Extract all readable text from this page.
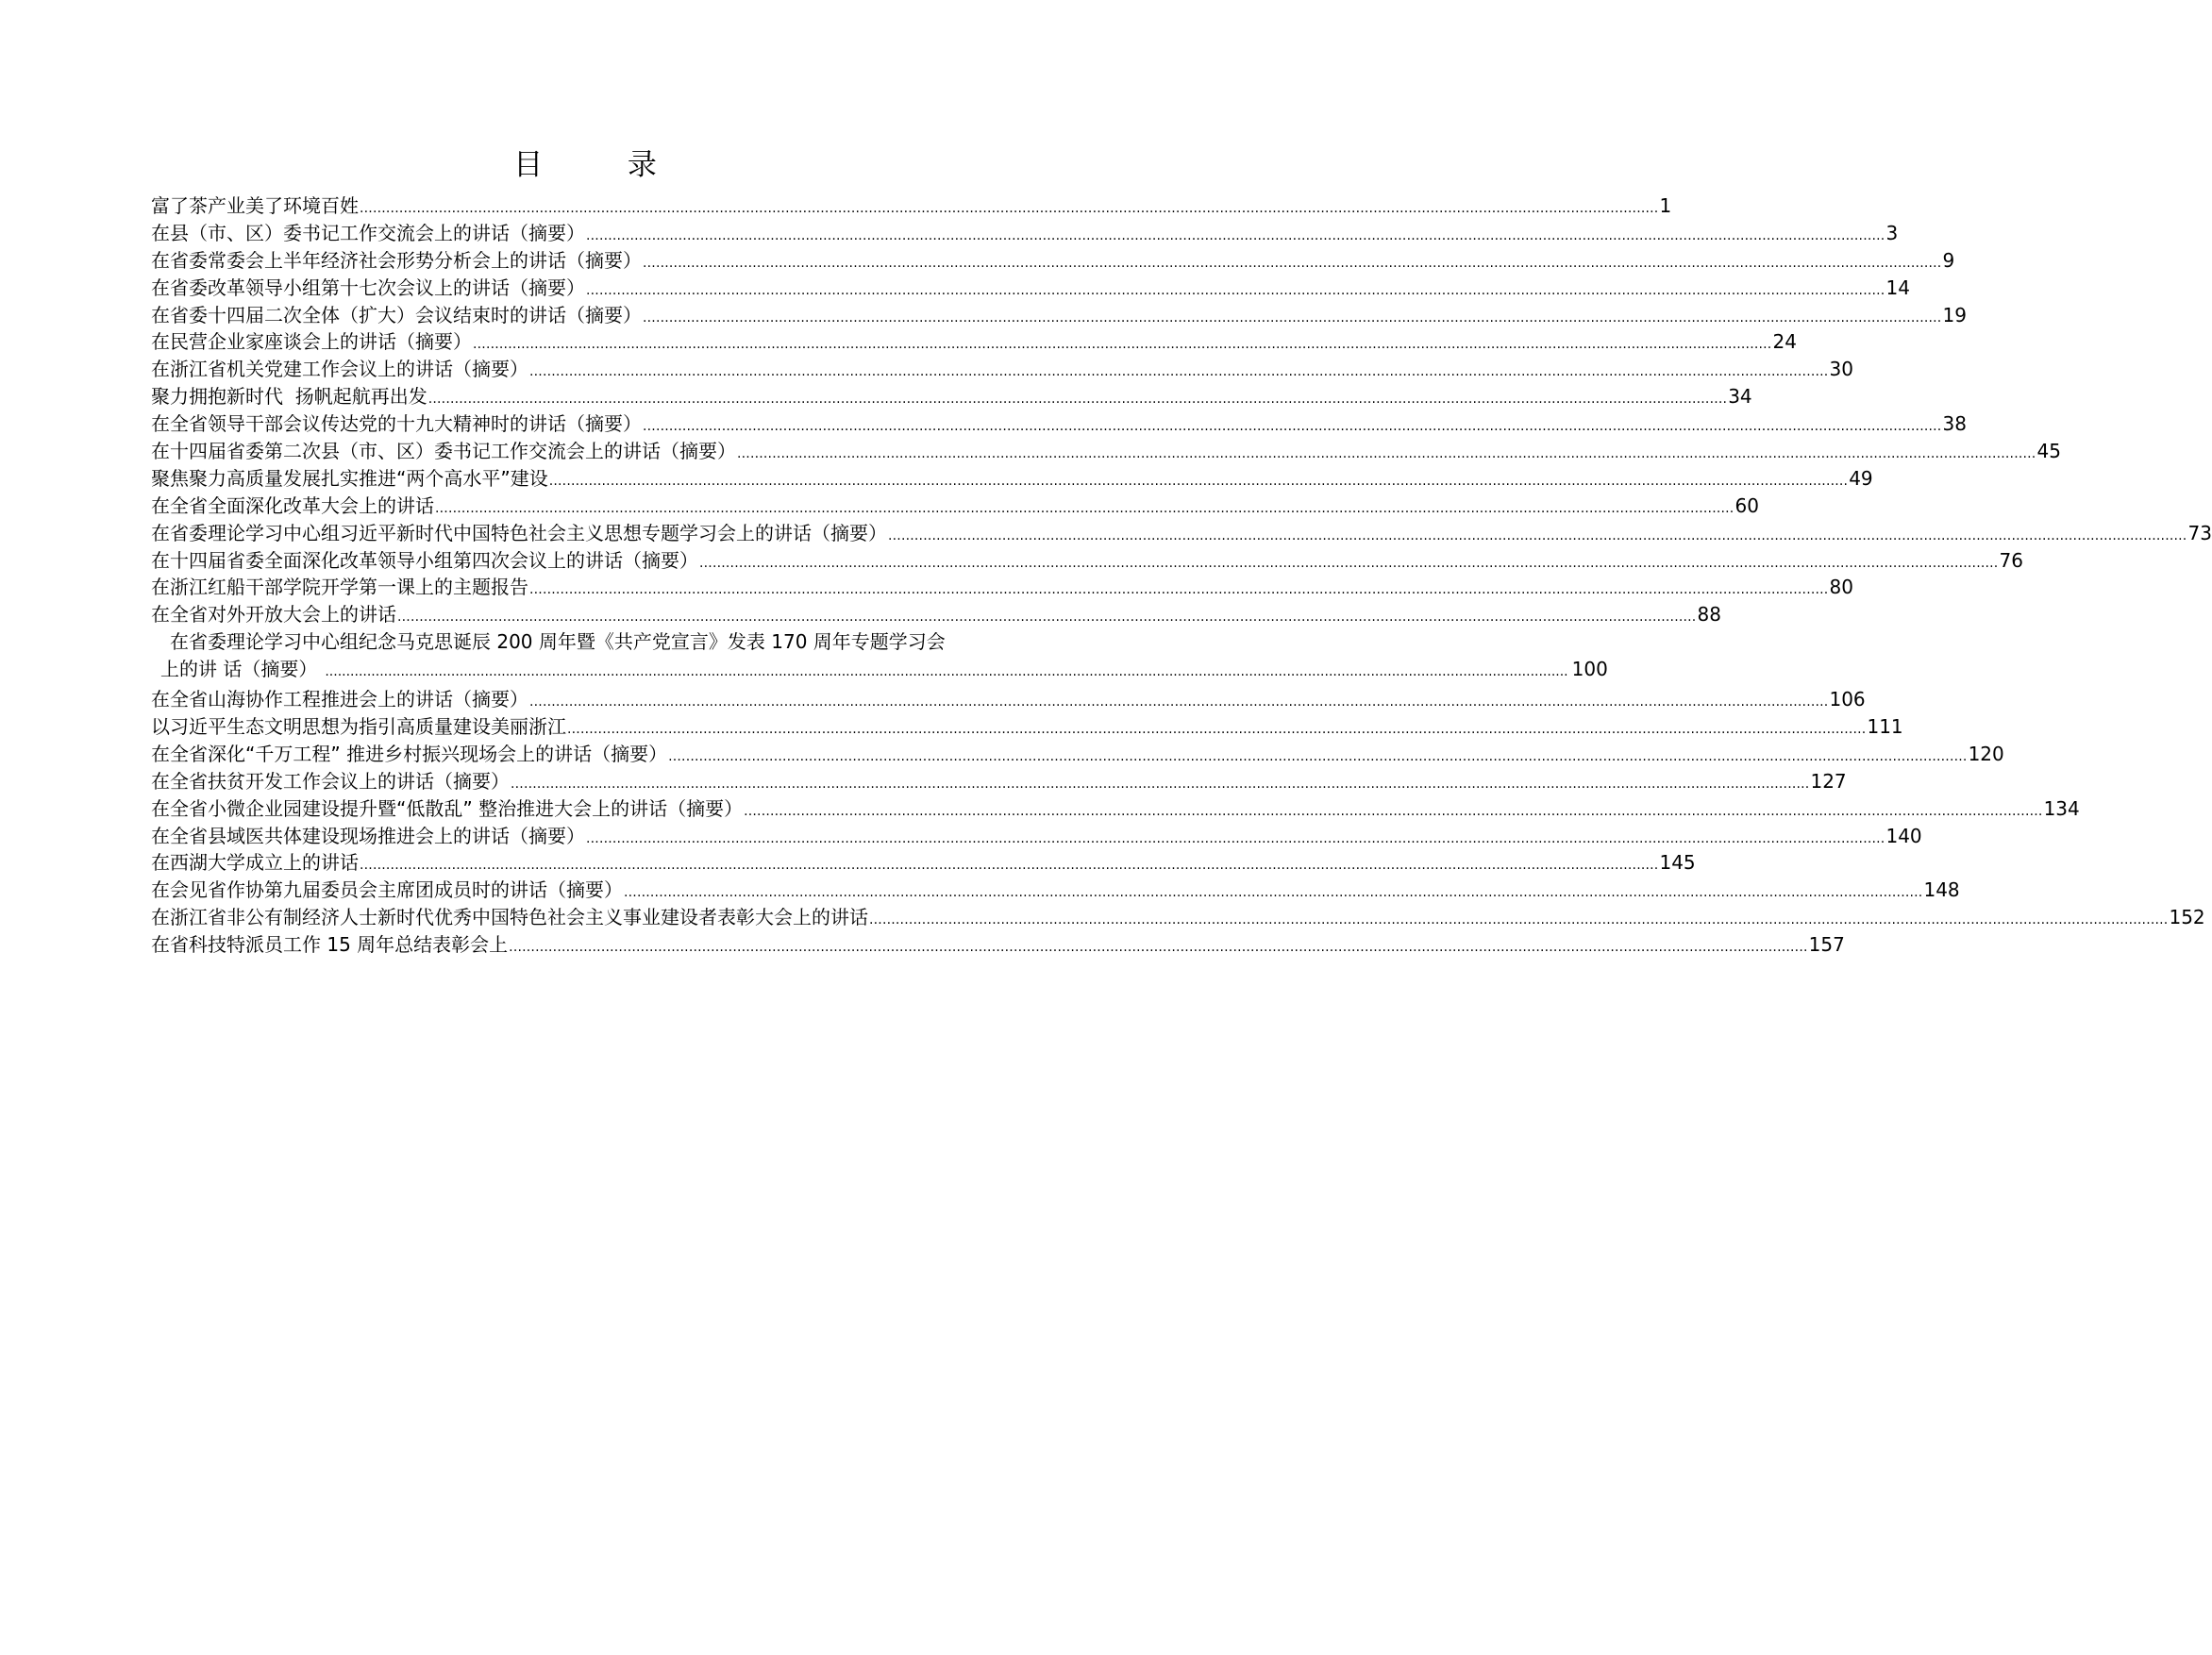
目 录
富了茶产业美了环境百姓 .....	1
在县（市、区）委书记工作交流会上的讲话（摘要） .....	3
在省委常委会上半年经济社会形势分析会上的讲话（摘要） .....	9
在省委改革领导小组第十七次会议上的讲话（摘要） .....	14
在省委十四届二次全体（扩大）会议结束时的讲话（摘要） .....	19
在民营企业家座谈会上的讲话（摘要） .....	24
在浙江省机关党建工作会议上的讲话（摘要） .....	30
聚力拥抱新时代  扬帆起航再出发 .....	34
在全省领导干部会议传达党的十九大精神时的讲话（摘要） .....	38
在十四届省委第二次县（市、区）委书记工作交流会上的讲话（摘要） .....	45
聚焦聚力高质量发展扎实推进“两个高水平”建设 .....	49
在全省全面深化改革大会上的讲话 .....	60
在省委理论学习中心组习近平新时代中国特色社会主义思想专题学习会上的讲话（摘要） .....	73
在十四届省委全面深化改革领导小组第四次会议上的讲话（摘要） .....	76
在浙江红船干部学院开学第一课上的主题报告 .....	80
在全省对外开放大会上的讲话 .....	88
在省委理论学习中心组纪念马克思诞辰 200 周年暨《共产党宣言》发表 170 周年专题学习会
上的讲 话（摘要） .....	100
在全省山海协作工程推进会上的讲话（摘要） .....	106
以习近平生态文明思想为指引高质量建设美丽浙江 .....	111
在全省深化“千万工程” 推进乡村振兴现场会上的讲话（摘要） .....	120
在全省扶贫开发工作会议上的讲话（摘要） .....	127
在全省小微企业园建设提升暨“低散乱” 整治推进大会上的讲话（摘要） .....	134
在全省县域医共体建设现场推进会上的讲话（摘要） .....	140
在西湖大学成立上的讲话 .....	145
在会见省作协第九届委员会主席团成员时的讲话（摘要） .....	148
在浙江省非公有制经济人士新时代优秀中国特色社会主义事业建设者表彰大会上的讲话 .....	152
在省科技特派员工作 15 周年总结表彰会上 .....	157
